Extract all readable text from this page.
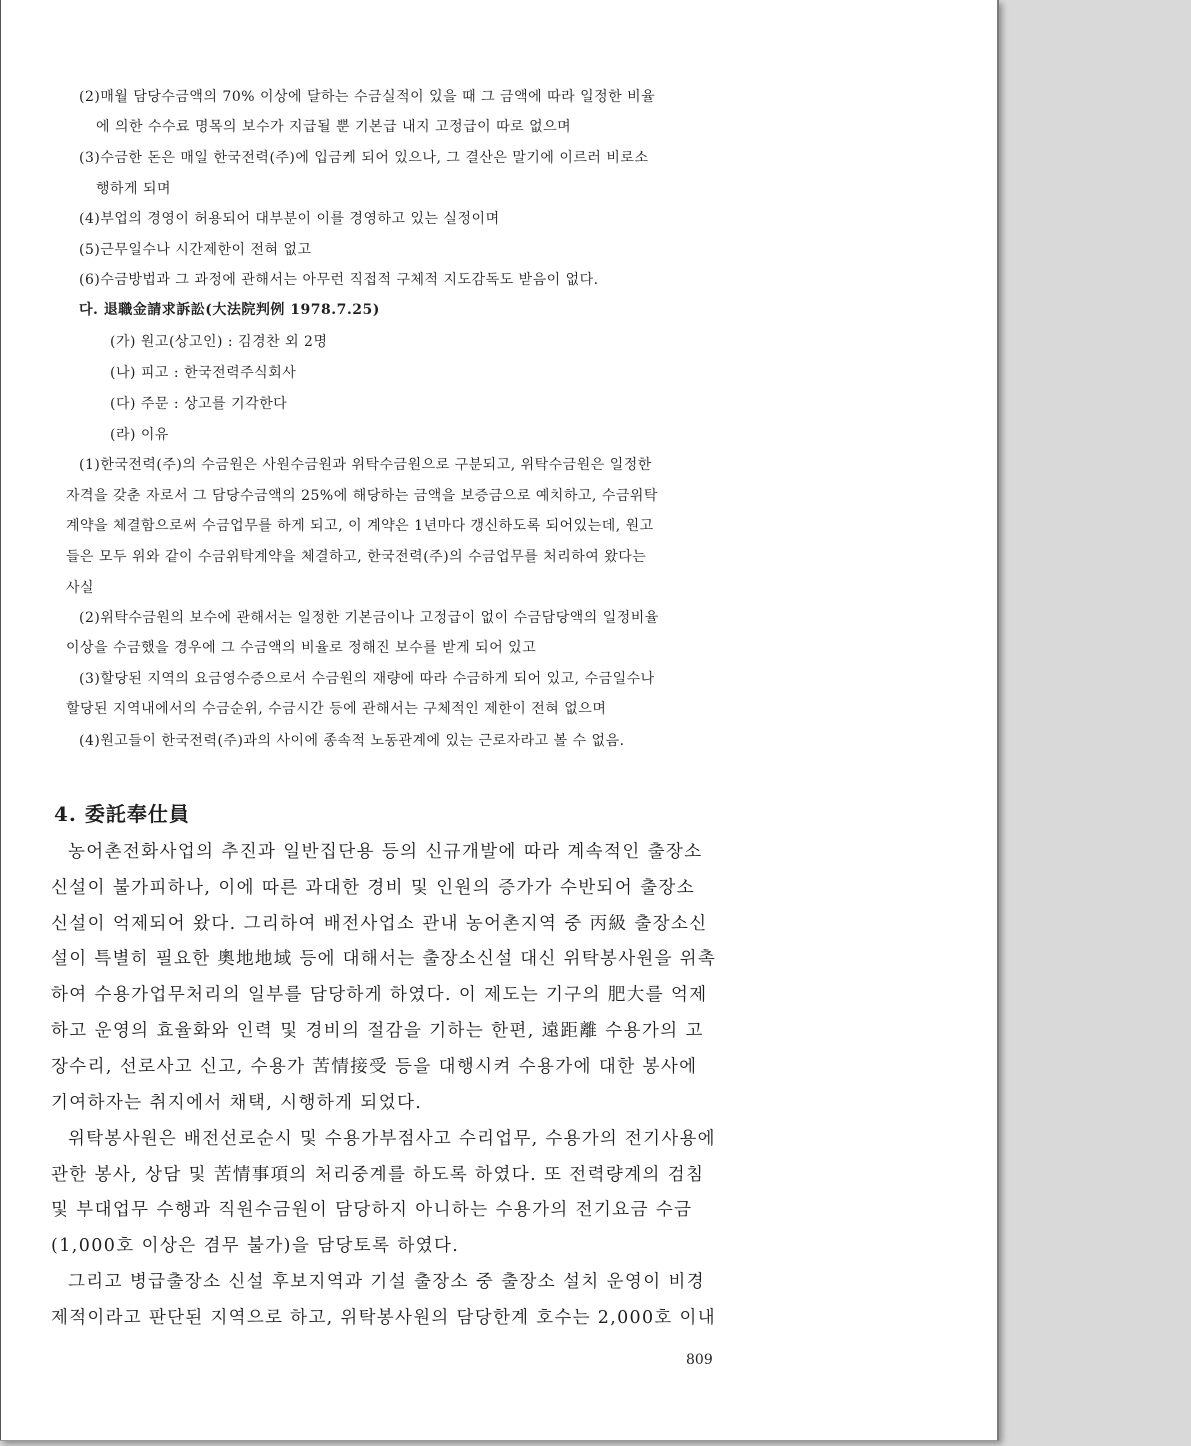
(2)매월 담당수금액의 70% 이상에 달하는 수금실적이 있을 때 그 금액에 따라 일정한 비율
에 의한 수수료 명목의 보수가 지급될 뿐 기본급 내지 고정급이 따로 없으며
(3)수금한 돈은 매일 한국전력(주)에 입금케 되어 있으나, 그 결산은 말기에 이르러 비로소
행하게 되며
(4)부업의 경영이 허용되어 대부분이 이를 경영하고 있는 실정이며
(5)근무일수나 시간제한이 전혀 없고
(6)수금방법과 그 과정에 관해서는 아무런 직접적 구체적 지도감독도 받음이 없다.
다. 退職金請求訴訟(大法院判例 1978.7.25)
(가) 원고(상고인) : 김경찬 외 2명
(나) 피고 : 한국전력주식회사
(다) 주문 : 상고를 기각한다
(라) 이유
(1)한국전력(주)의 수금원은 사원수금원과 위탁수금원으로 구분되고, 위탁수금원은 일정한
자격을 갖춘 자로서 그 담당수금액의 25%에 해당하는 금액을 보증금으로 예치하고, 수금위탁
계약을 체결함으로써 수금업무를 하게 되고, 이 계약은 1년마다 갱신하도록 되어있는데, 원고
들은 모두 위와 같이 수금위탁계약을 체결하고, 한국전력(주)의 수금업무를 처리하여 왔다는
사실
(2)위탁수금원의 보수에 관해서는 일정한 기본금이나 고정급이 없이 수금담당액의 일정비율
이상을 수금했을 경우에 그 수금액의 비율로 정해진 보수를 받게 되어 있고
(3)할당된 지역의 요금영수증으로서 수금원의 재량에 따라 수금하게 되어 있고, 수금일수나
할당된 지역내에서의 수금순위, 수금시간 등에 관해서는 구체적인 제한이 전혀 없으며
(4)원고들이 한국전력(주)과의 사이에 종속적 노동관계에 있는 근로자라고 볼 수 없음.
4. 委託奉仕員
농어촌전화사업의 추진과 일반집단용 등의 신규개발에 따라 계속적인 출장소
신설이 불가피하나, 이에 따른 과대한 경비 및 인원의 증가가 수반되어 출장소
신설이 억제되어 왔다. 그리하여 배전사업소 관내 농어촌지역 중 丙級 출장소신
설이 특별히 필요한 奧地地域 등에 대해서는 출장소신설 대신 위탁봉사원을 위촉
하여 수용가업무처리의 일부를 담당하게 하였다. 이 제도는 기구의 肥大를 억제
하고 운영의 효율화와 인력 및 경비의 절감을 기하는 한편, 遠距離 수용가의 고
장수리, 선로사고 신고, 수용가 苦情接受 등을 대행시켜 수용가에 대한 봉사에
기여하자는 취지에서 채택, 시행하게 되었다.
위탁봉사원은 배전선로순시 및 수용가부점사고 수리업무, 수용가의 전기사용에
관한 봉사, 상담 및 苦情事項의 처리중계를 하도록 하였다. 또 전력량계의 검침
및 부대업무 수행과 직원수금원이 담당하지 아니하는 수용가의 전기요금 수금
(1,000호 이상은 겸무 불가)을 담당토록 하였다.
그리고 병급출장소 신설 후보지역과 기설 출장소 중 출장소 설치 운영이 비경
제적이라고 판단된 지역으로 하고, 위탁봉사원의 담당한계 호수는 2,000호 이내
809
